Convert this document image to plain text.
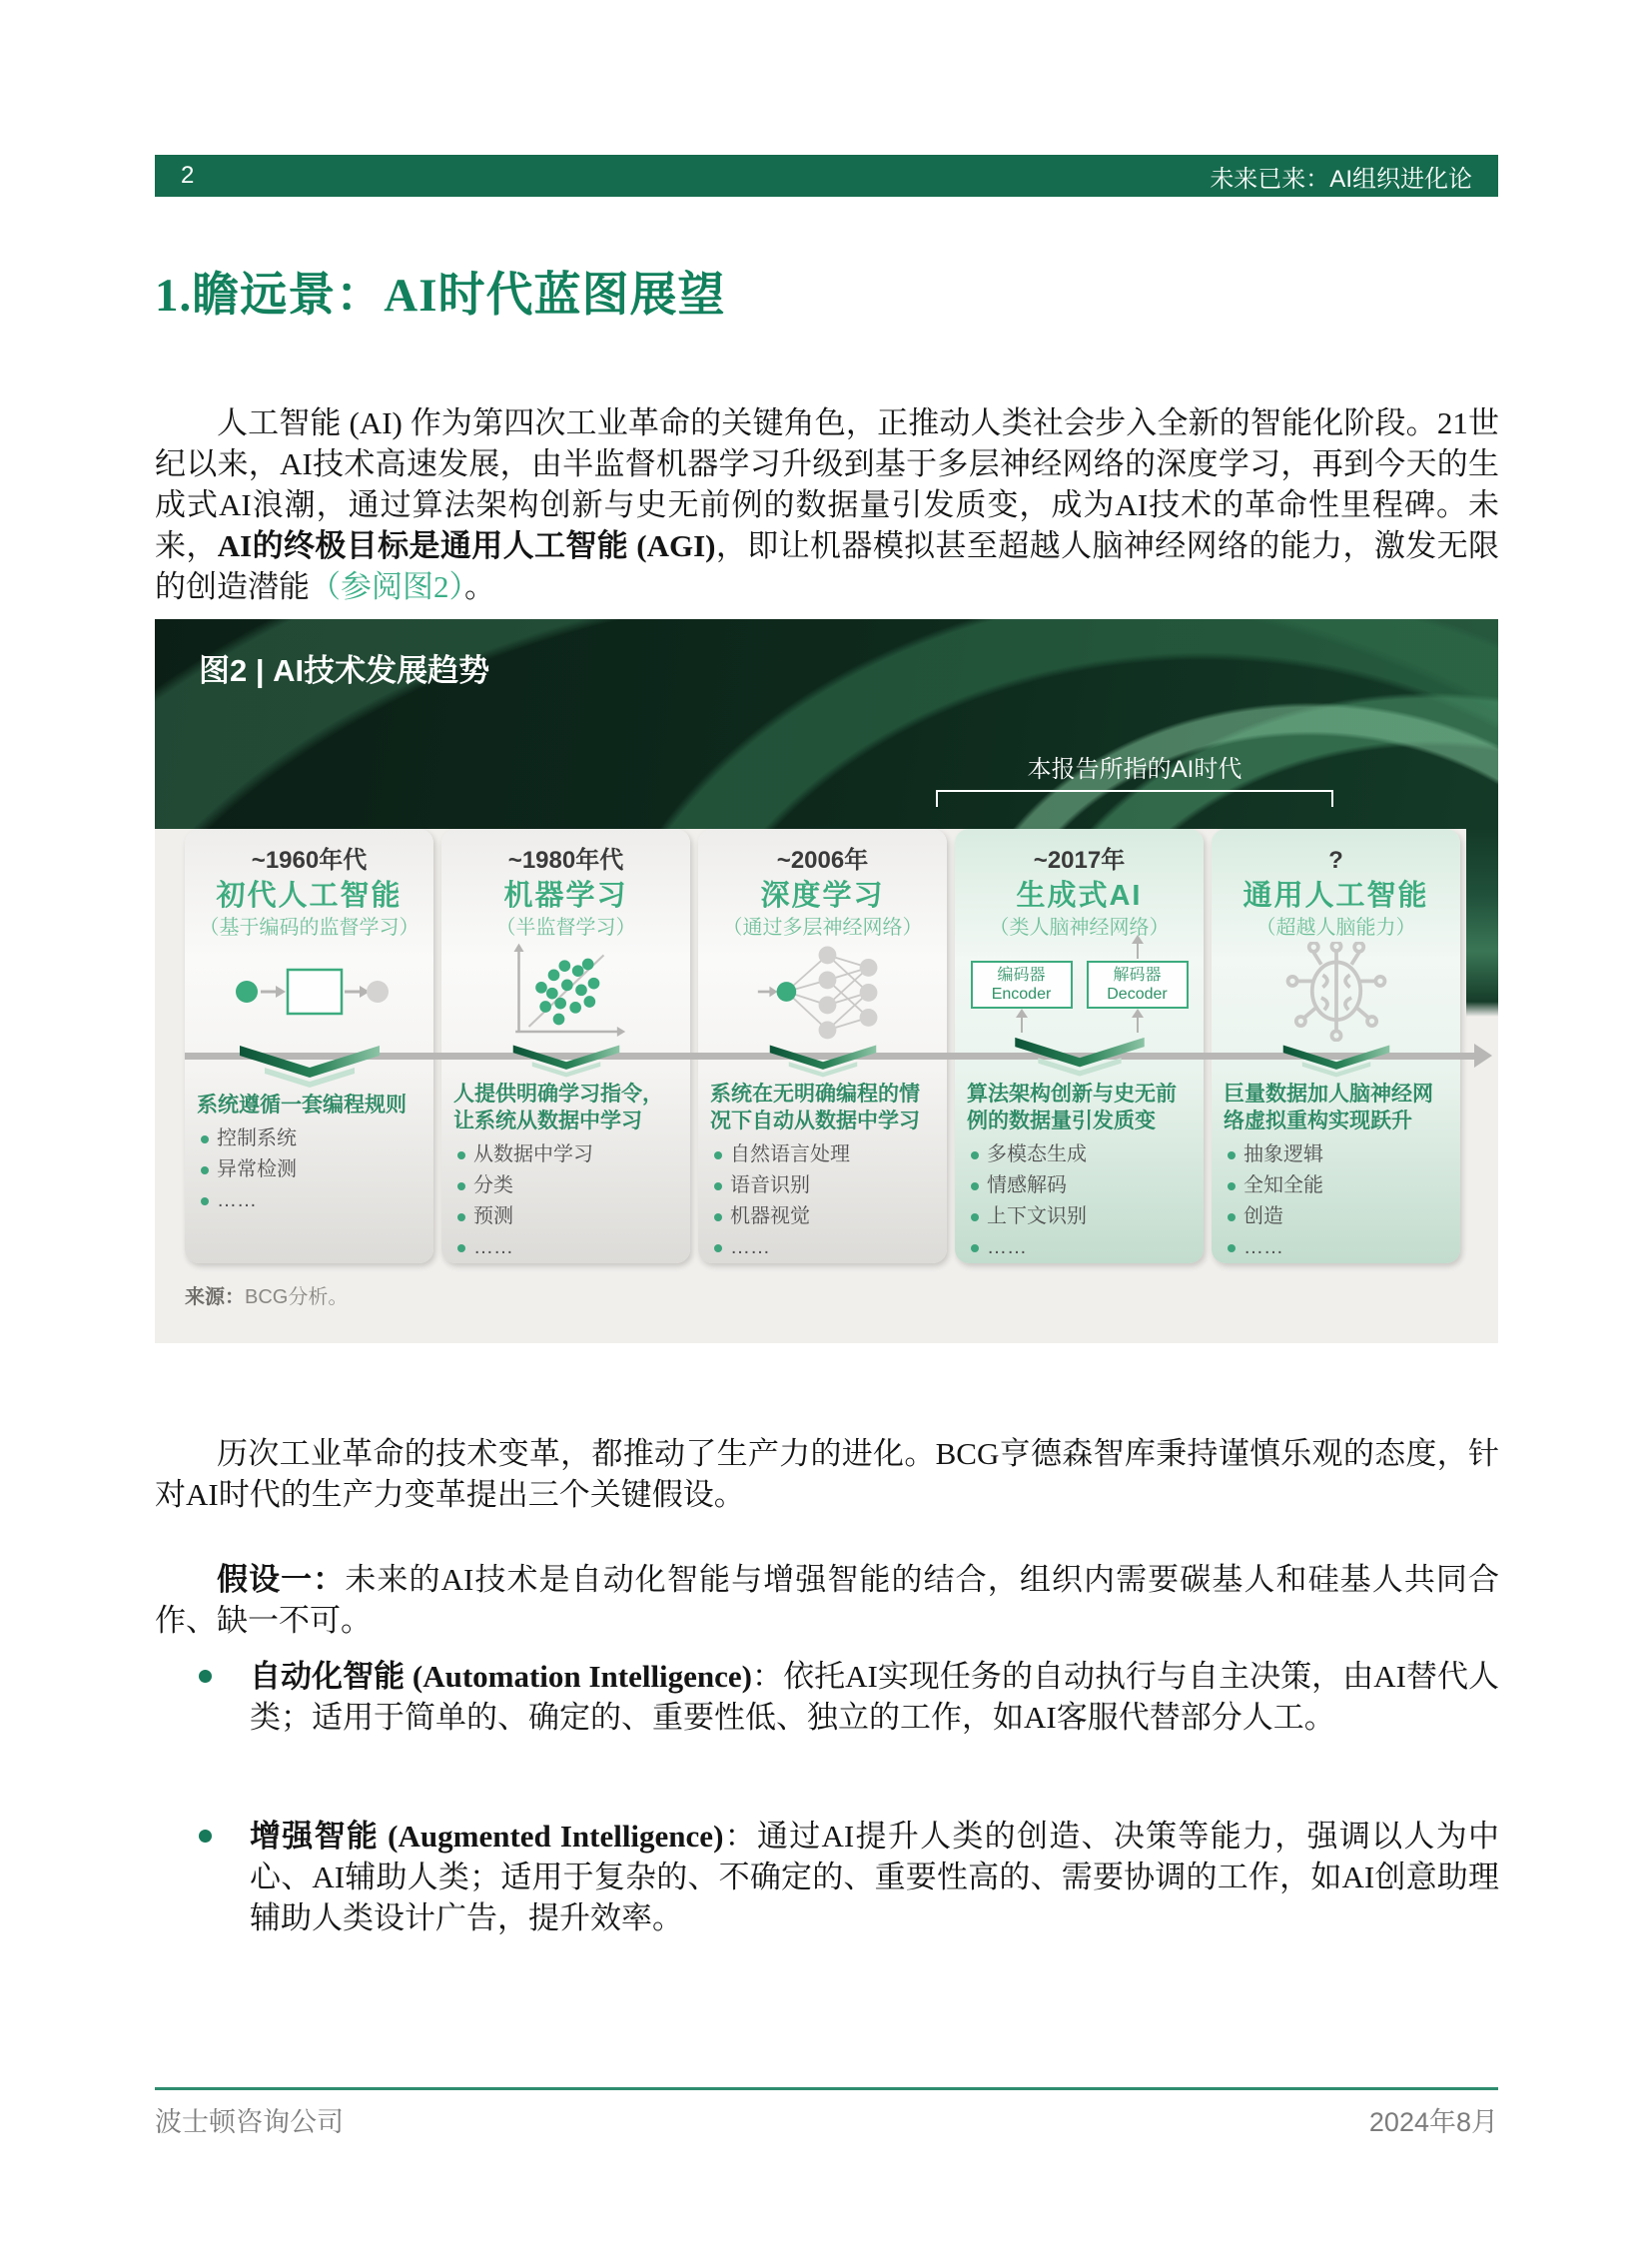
2	未来已来：AI组织进化论
1.瞻远景：AI时代蓝图展望

人工智能 (AI) 作为第四次工业革命的关键角色，正推动人类社会步入全新的智能化阶段。21世纪以来，AI技术高速发展，由半监督机器学习升级到基于多层神经网络的深度学习，再到今天的生成式AI浪潮，通过算法架构创新与史无前例的数据量引发质变，成为AI技术的革命性里程碑。未来，AI的终极目标是通用人工智能 (AGI)，即让机器模拟甚至超越人脑神经网络的能力，激发无限的创造潜能（参阅图2）。

图2 | AI技术发展趋势
本报告所指的AI时代
~1960年代
初代人工智能
（基于编码的监督学习）
系统遵循一套编程规则
控制系统
异常检测
……
~1980年代
机器学习
（半监督学习）
人提供明确学习指令，让系统从数据中学习
从数据中学习
分类
预测
……
~2006年
深度学习
（通过多层神经网络）
系统在无明确编程的情况下自动从数据中学习
自然语言处理
语音识别
机器视觉
……
~2017年
生成式AI
（类人脑神经网络）
编码器
Encoder
解码器
Decoder
算法架构创新与史无前例的数据量引发质变
多模态生成
情感解码
上下文识别
……
?
通用人工智能
（超越人脑能力）
巨量数据加人脑神经网络虚拟重构实现跃升
抽象逻辑
全知全能
创造
……
来源：BCG分析。

历次工业革命的技术变革，都推动了生产力的进化。BCG亨德森智库秉持谨慎乐观的态度，针对AI时代的生产力变革提出三个关键假设。

假设一：未来的AI技术是自动化智能与增强智能的结合，组织内需要碳基人和硅基人共同合作、缺一不可。

自动化智能 (Automation Intelligence)：依托AI实现任务的自动执行与自主决策，由AI替代人类；适用于简单的、确定的、重要性低、独立的工作，如AI客服代替部分人工。
增强智能 (Augmented Intelligence)：通过AI提升人类的创造、决策等能力，强调以人为中心、AI辅助人类；适用于复杂的、不确定的、重要性高的、需要协调的工作，如AI创意助理辅助人类设计广告，提升效率。
波士顿咨询公司	2024年8月
